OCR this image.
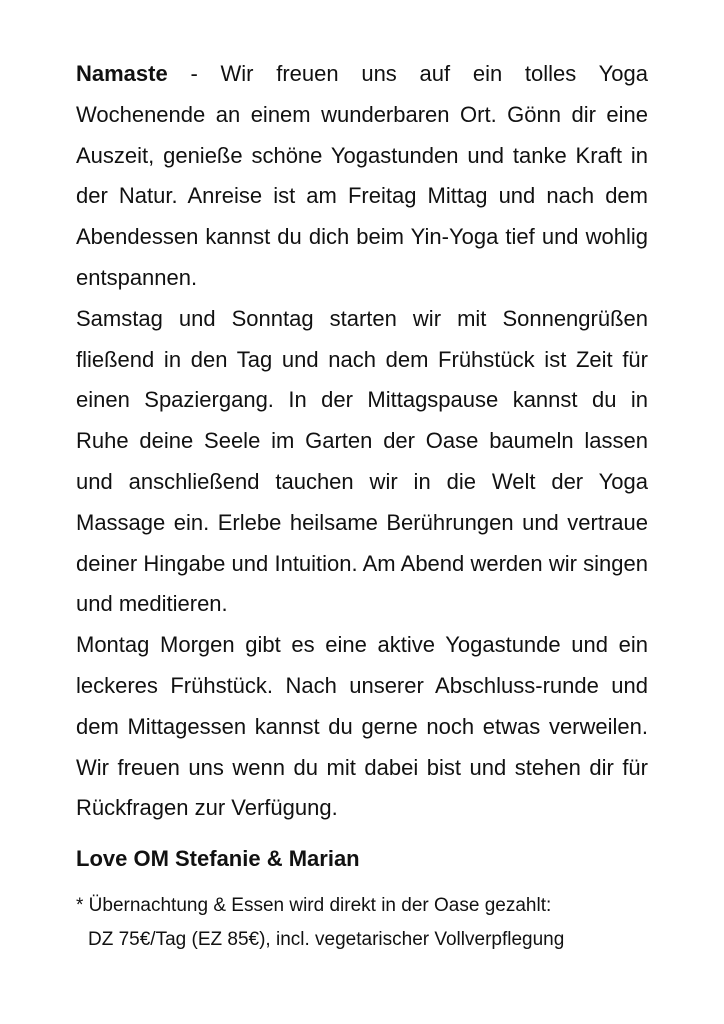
Namaste - Wir freuen uns auf ein tolles Yoga Wochenende an einem wunderbaren Ort. Gönn dir eine Auszeit, genieße schöne Yogastunden und tanke Kraft in der Natur. Anreise ist am Freitag Mittag und nach dem Abendessen kannst du dich beim Yin-Yoga tief und wohlig entspannen.

Samstag und Sonntag starten wir mit Sonnengrüßen fließend in den Tag und nach dem Frühstück ist Zeit für einen Spaziergang. In der Mittagspause kannst du in Ruhe deine Seele im Garten der Oase baumeln lassen und anschließend tauchen wir in die Welt der Yoga Massage ein. Erlebe heilsame Berührungen und vertraue deiner Hingabe und Intuition. Am Abend werden wir singen und meditieren.

Montag Morgen gibt es eine aktive Yogastunde und ein leckeres Frühstück. Nach unserer Abschluss-runde und dem Mittagessen kannst du gerne noch etwas verweilen. Wir freuen uns wenn du mit dabei bist und stehen dir für Rückfragen zur Verfügung.

Love OM Stefanie & Marian

* Übernachtung & Essen wird direkt in der Oase gezahlt:
DZ 75€/Tag (EZ 85€), incl. vegetarischer Vollverpflegung
